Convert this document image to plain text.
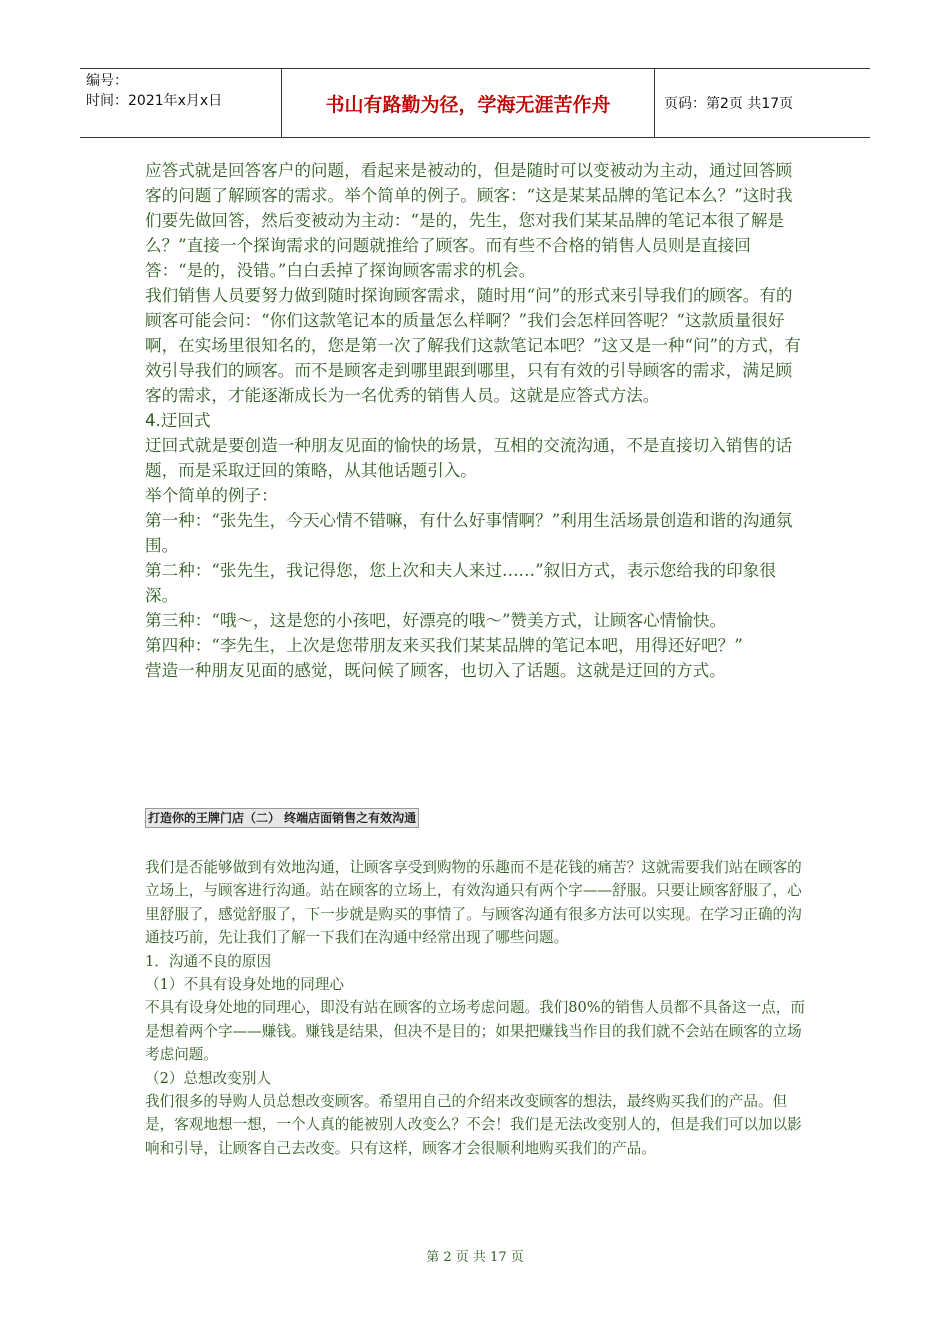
编号：
时间：2021年x月x日	书山有路勤为径，学海无涯苦作舟	页码：第2页 共17页

应答式就是回答客户的问题，看起来是被动的，但是随时可以变被动为主动，通过回答顾客的问题了解顾客的需求。举个简单的例子。顾客：“这是某某品牌的笔记本么？”这时我们要先做回答，然后变被动为主动：“是的，先生，您对我们某某品牌的笔记本很了解是么？”直接一个探询需求的问题就推给了顾客。而有些不合格的销售人员则是直接回答：“是的，没错。”白白丢掉了探询顾客需求的机会。

我们销售人员要努力做到随时探询顾客需求，随时用“问”的形式来引导我们的顾客。有的顾客可能会问：“你们这款笔记本的质量怎么样啊？”我们会怎样回答呢？“这款质量很好啊，在实场里很知名的，您是第一次了解我们这款笔记本吧？”这又是一种“问”的方式，有效引导我们的顾客。而不是顾客走到哪里跟到哪里，只有有效的引导顾客的需求，满足顾客的需求，才能逐渐成长为一名优秀的销售人员。这就是应答式方法。

4.迂回式

迂回式就是要创造一种朋友见面的愉快的场景，互相的交流沟通，不是直接切入销售的话题，而是采取迂回的策略，从其他话题引入。

举个简单的例子：

第一种：“张先生，今天心情不错嘛，有什么好事情啊？”利用生活场景创造和谐的沟通氛围。

第二种：“张先生，我记得您，您上次和夫人来过……”叙旧方式，表示您给我的印象很深。

第三种：“哦～，这是您的小孩吧，好漂亮的哦～”赞美方式，让顾客心情愉快。

第四种：“李先生，上次是您带朋友来买我们某某品牌的笔记本吧，用得还好吧？”

营造一种朋友见面的感觉，既问候了顾客，也切入了话题。这就是迂回的方式。

打造你的王牌门店（二） 终端店面销售之有效沟通

我们是否能够做到有效地沟通，让顾客享受到购物的乐趣而不是花钱的痛苦？这就需要我们站在顾客的立场上，与顾客进行沟通。站在顾客的立场上，有效沟通只有两个字——舒服。只要让顾客舒服了，心里舒服了，感觉舒服了，下一步就是购买的事情了。与顾客沟通有很多方法可以实现。在学习正确的沟通技巧前，先让我们了解一下我们在沟通中经常出现了哪些问题。

1．沟通不良的原因

（1）不具有设身处地的同理心

不具有设身处地的同理心，即没有站在顾客的立场考虑问题。我们80%的销售人员都不具备这一点，而是想着两个字——赚钱。赚钱是结果，但决不是目的；如果把赚钱当作目的我们就不会站在顾客的立场考虑问题。

（2）总想改变别人

我们很多的导购人员总想改变顾客。希望用自己的介绍来改变顾客的想法，最终购买我们的产品。但是，客观地想一想，一个人真的能被别人改变么？不会！我们是无法改变别人的，但是我们可以加以影响和引导，让顾客自己去改变。只有这样，顾客才会很顺利地购买我们的产品。

第 2 页 共 17 页
